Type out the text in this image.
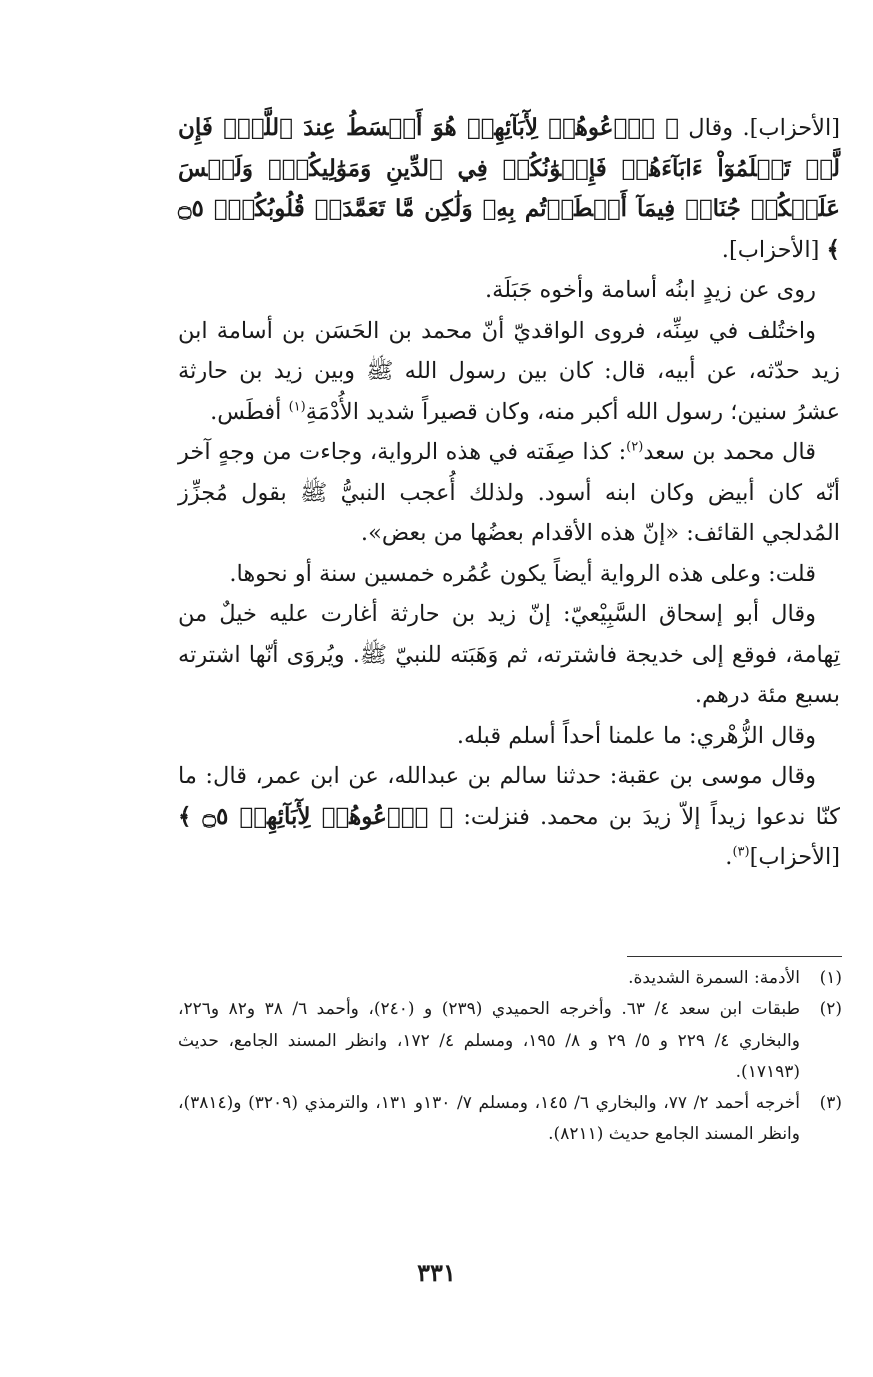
[الأحزاب]. وقال ﴿ ٱدۡعُوهُمۡ لِأٓبَآئِهِمۡ هُوَ أَقۡسَطُ عِندَ ٱللَّهِۚ فَإِن لَّمۡ تَعۡلَمُوٓاْ ءَابَآءَهُمۡ فَإِخۡوَٰنُكُمۡ فِي ٱلدِّينِ وَمَوَٰلِيكُمۡۚ وَلَيۡسَ عَلَيۡكُمۡ جُنَاحٞ فِيمَآ أَخۡطَأۡتُم بِهِۦ وَلَٰكِن مَّا تَعَمَّدَتۡ قُلُوبُكُمۡۚ ۝٥ ﴾ [الأحزاب].

روى عن زيدٍ ابنُه أسامة وأخوه جَبَلَة.

واختُلف في سِنِّه، فروى الواقديّ أنّ محمد بن الحَسَن بن أسامة ابن زيد حدّثه، عن أبيه، قال: كان بين رسول الله ﷺ وبين زيد بن حارثة عشرُ سنين؛ رسول الله أكبر منه، وكان قصيراً شديد الأُدْمَةِ$^{(١)}$ أفطَس.

قال محمد بن سعد$^{(٢)}$: كذا صِفَته في هذه الرواية، وجاءت من وجهٍ آخر أنّه كان أبيض وكان ابنه أسود. ولذلك أُعجب النبيُّ ﷺ بقول مُجزِّز المُدلجي القائف: «إنّ هذه الأقدام بعضُها من بعض».

قلت: وعلى هذه الرواية أيضاً يكون عُمُره خمسين سنة أو نحوها.

وقال أبو إسحاق السَّبِيْعيّ: إنّ زيد بن حارثة أغارت عليه خيلٌ من تِهامة، فوقع إلى خديجة فاشترته، ثم وَهَبَته للنبيّ ﷺ. ويُروَى أنّها اشترته بسبع مئة درهم.

وقال الزُّهْري: ما علمنا أحداً أسلم قبله.

وقال موسى بن عقبة: حدثنا سالم بن عبدالله، عن ابن عمر، قال: ما كنّا ندعوا زيداً إلاّ زيدَ بن محمد. فنزلت: ﴿ ٱدۡعُوهُمۡ لِأٓبَآئِهِمۡ ۝٥ ﴾ [الأحزاب]$^{(٣)}$.

(١)
الأدمة: السمرة الشديدة.
(٢)
طبقات ابن سعد ٤/ ٦٣. وأخرجه الحميدي (٢٣٩) و (٢٤٠)، وأحمد ٦/ ٣٨ و٨٢ و٢٢٦، والبخاري ٤/ ٢٢٩ و ٥/ ٢٩ و ٨/ ١٩٥، ومسلم ٤/ ١٧٢، وانظر المسند الجامع، حديث (١٧١٩٣).
(٣)
أخرجه أحمد ٢/ ٧٧، والبخاري ٦/ ١٤٥، ومسلم ٧/ ١٣٠و ١٣١، والترمذي (٣٢٠٩) و(٣٨١٤)، وانظر المسند الجامع حديث (٨٢١١).
٣٣١
